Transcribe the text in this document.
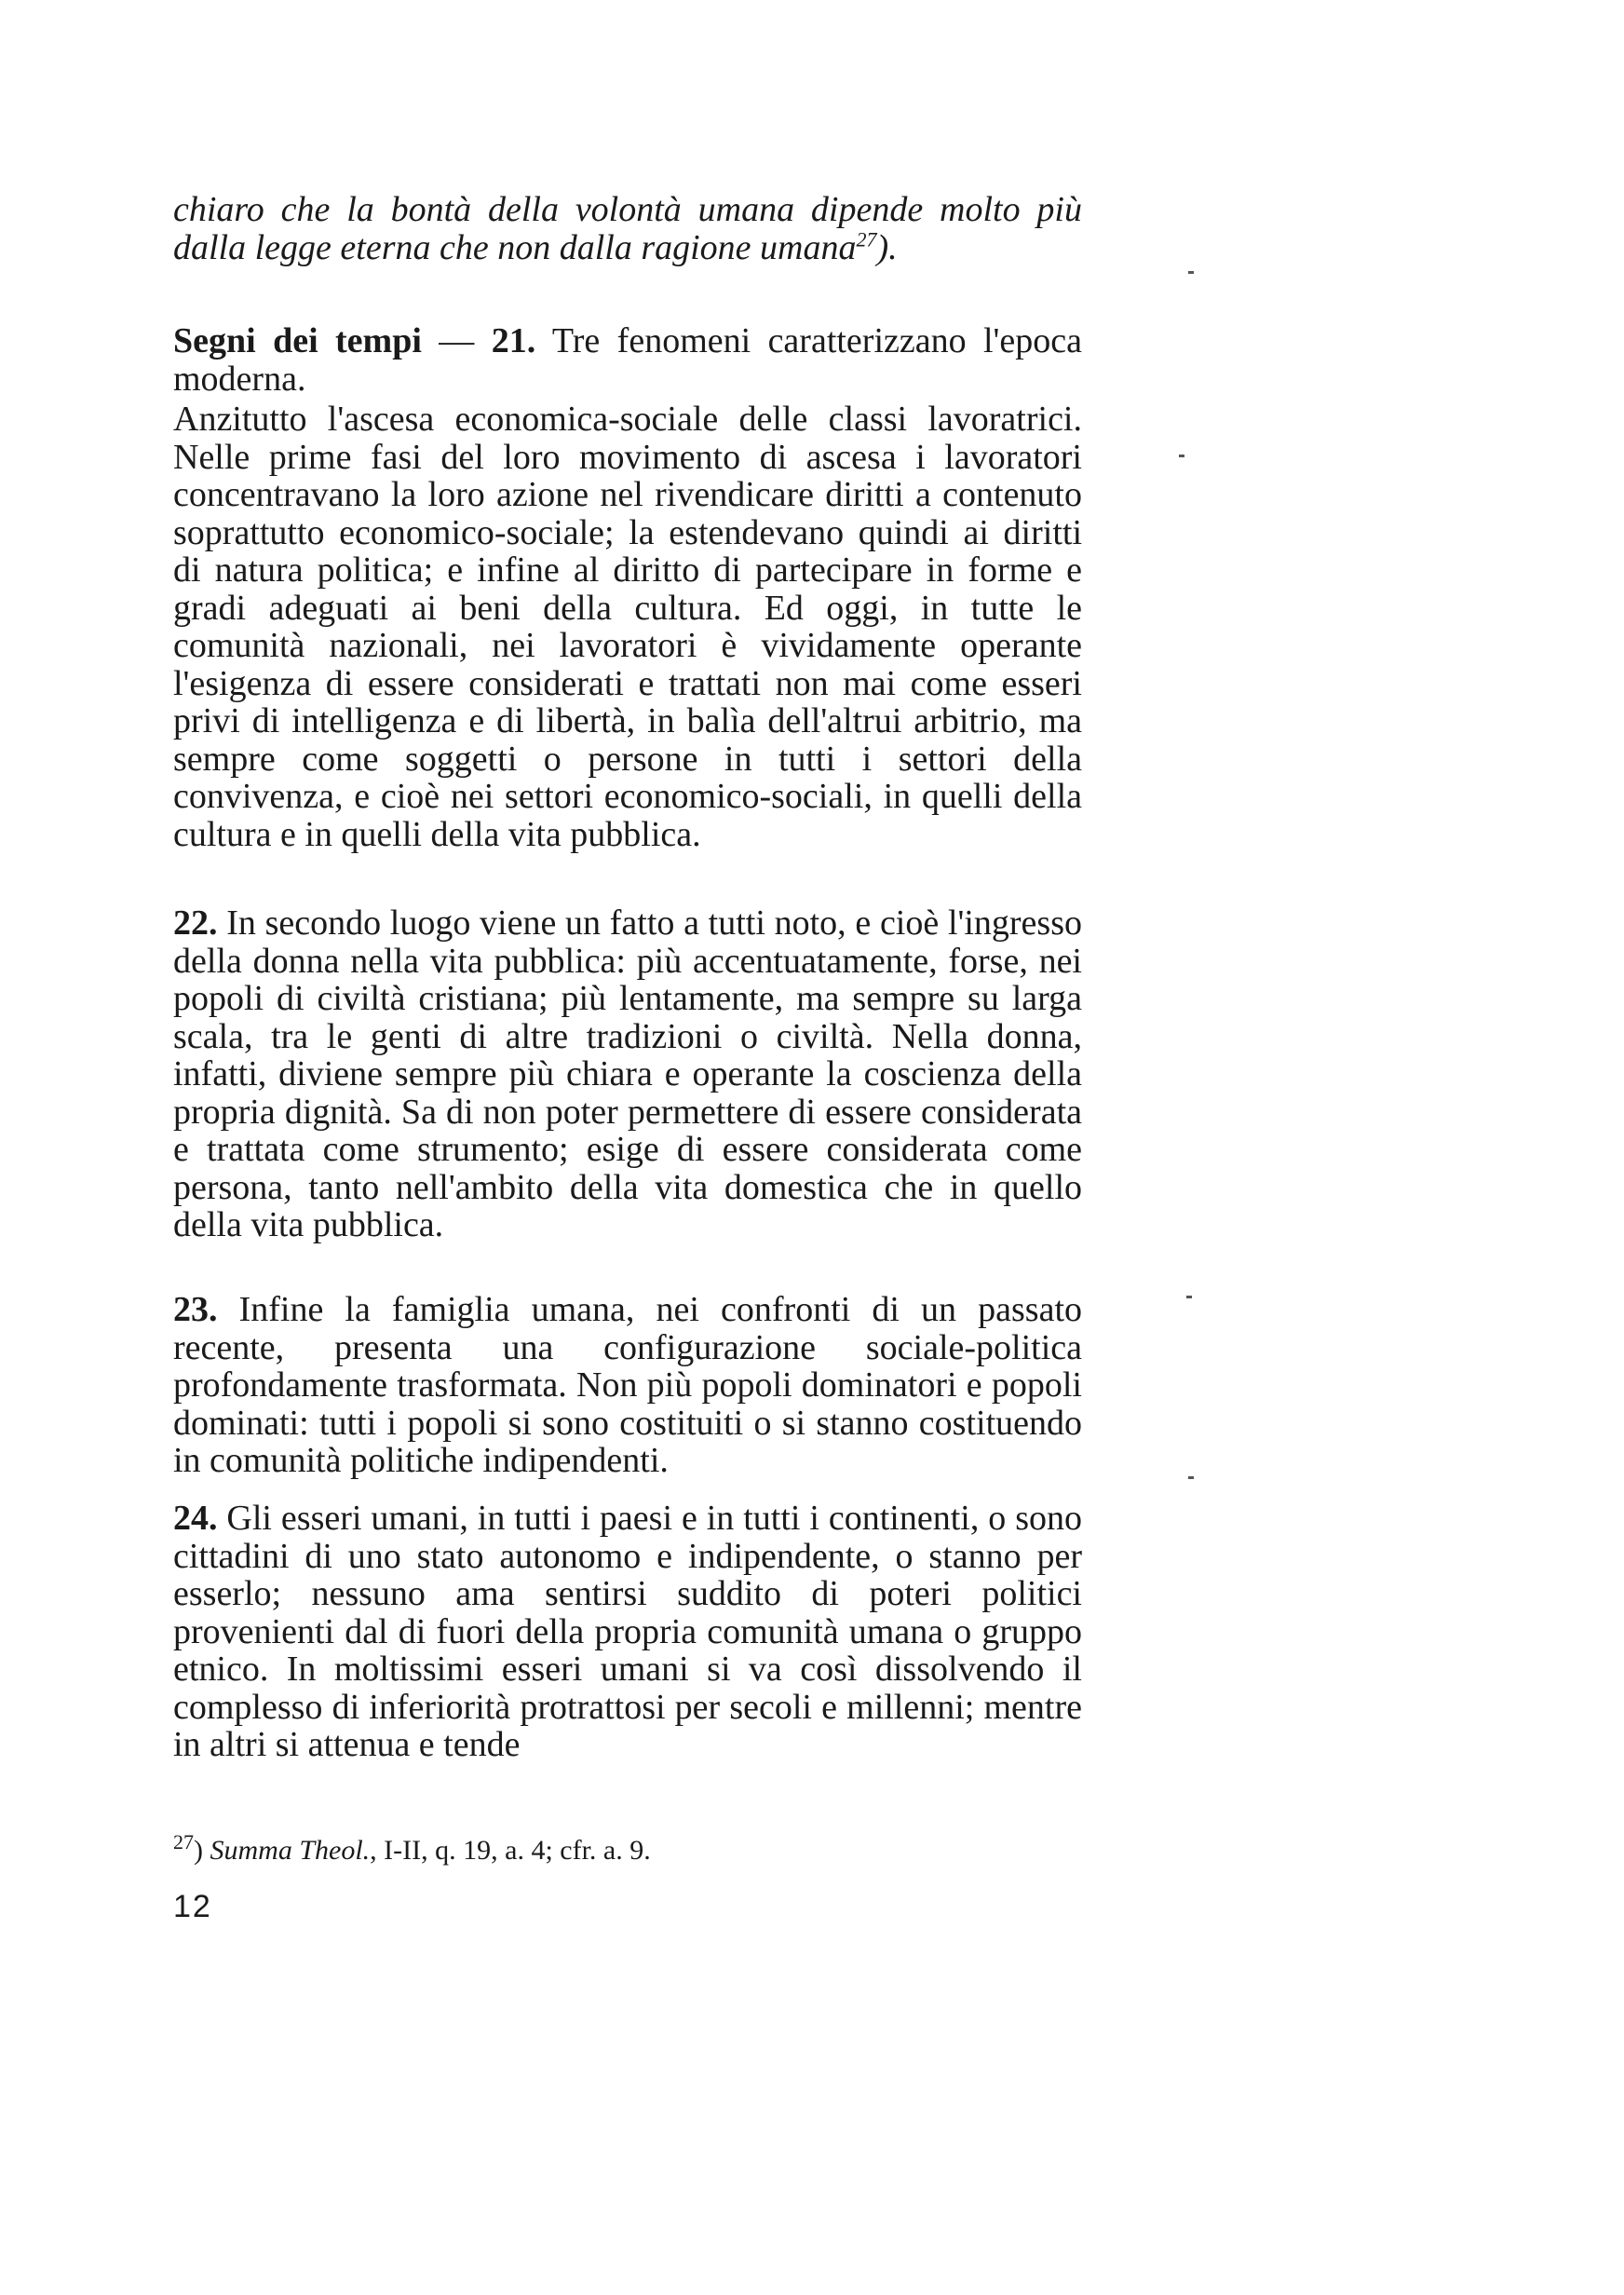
chiaro che la bontà della volontà umana dipende molto più dalla legge eterna che non dalla ragione umana$^{27}$).
Segni dei tempi — 21. Tre fenomeni caratterizzano l'epoca moderna.
Anzitutto l'ascesa economica-sociale delle classi lavoratrici. Nelle prime fasi del loro movimento di ascesa i lavoratori concentravano la loro azione nel rivendicare diritti a contenuto soprattutto economico-sociale; la estendevano quindi ai diritti di natura politica; e infine al diritto di partecipare in forme e gradi adeguati ai beni della cultura. Ed oggi, in tutte le comunità nazionali, nei lavoratori è vividamente operante l'esigenza di essere considerati e trattati non mai come esseri privi di intelligenza e di libertà, in balìa dell'altrui arbitrio, ma sempre come soggetti o persone in tutti i settori della convivenza, e cioè nei settori economico-sociali, in quelli della cultura e in quelli della vita pubblica.
22. In secondo luogo viene un fatto a tutti noto, e cioè l'ingresso della donna nella vita pubblica: più accentuatamente, forse, nei popoli di civiltà cristiana; più lentamente, ma sempre su larga scala, tra le genti di altre tradizioni o civiltà. Nella donna, infatti, diviene sempre più chiara e operante la coscienza della propria dignità. Sa di non poter permettere di essere considerata e trattata come strumento; esige di essere considerata come persona, tanto nell'ambito della vita domestica che in quello della vita pubblica.
23. Infine la famiglia umana, nei confronti di un passato recente, presenta una configurazione sociale-politica profondamente trasformata. Non più popoli dominatori e popoli dominati: tutti i popoli si sono costituiti o si stanno costituendo in comunità politiche indipendenti.
24. Gli esseri umani, in tutti i paesi e in tutti i continenti, o sono cittadini di uno stato autonomo e indipendente, o stanno per esserlo; nessuno ama sentirsi suddito di poteri politici provenienti dal di fuori della propria comunità umana o gruppo etnico. In moltissimi esseri umani si va così dissolvendo il complesso di inferiorità protrattosi per secoli e millenni; mentre in altri si attenua e tende
$^{27}$) Summa Theol., I-II, q. 19, a. 4; cfr. a. 9.
12
